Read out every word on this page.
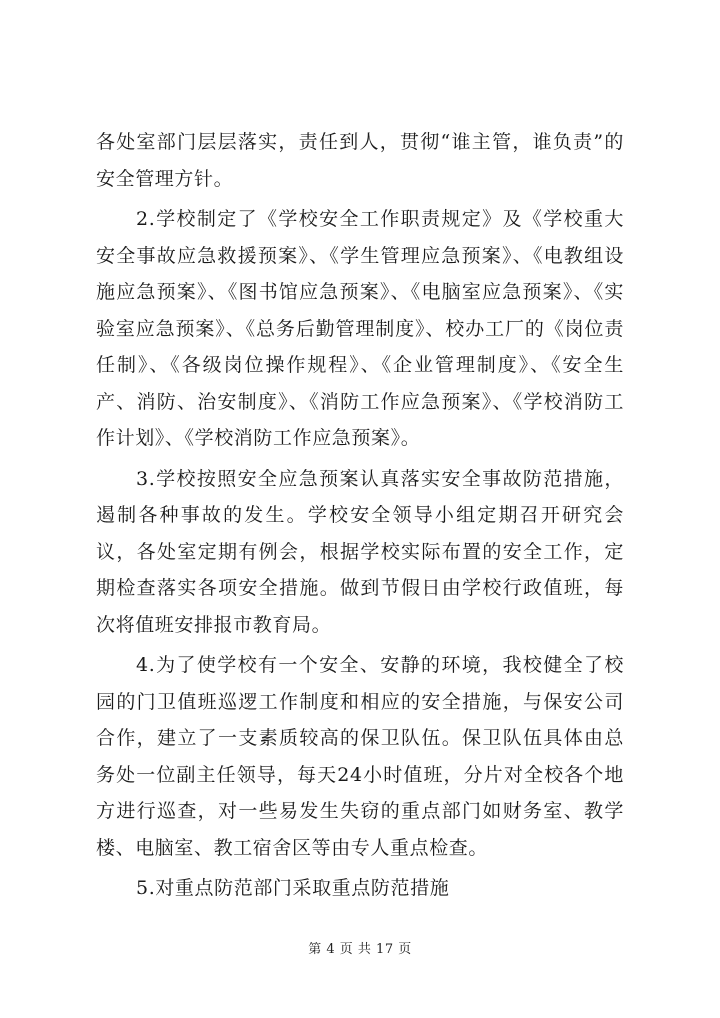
各处室部门层层落实，责任到人，贯彻“谁主管，谁负责”的安全管理方针。

2.学校制定了《学校安全工作职责规定》及《学校重大安全事故应急救援预案》、《学生管理应急预案》、《电教组设施应急预案》、《图书馆应急预案》、《电脑室应急预案》、《实验室应急预案》、《总务后勤管理制度》、校办工厂的《岗位责任制》、《各级岗位操作规程》、《企业管理制度》、《安全生产、消防、治安制度》、《消防工作应急预案》、《学校消防工作计划》、《学校消防工作应急预案》。

3.学校按照安全应急预案认真落实安全事故防范措施，遏制各种事故的发生。学校安全领导小组定期召开研究会议，各处室定期有例会，根据学校实际布置的安全工作，定期检查落实各项安全措施。做到节假日由学校行政值班，每次将值班安排报市教育局。

4.为了使学校有一个安全、安静的环境，我校健全了校园的门卫值班巡逻工作制度和相应的安全措施，与保安公司合作，建立了一支素质较高的保卫队伍。保卫队伍具体由总务处一位副主任领导，每天24小时值班，分片对全校各个地方进行巡查，对一些易发生失窃的重点部门如财务室、教学楼、电脑室、教工宿舍区等由专人重点检查。

5.对重点防范部门采取重点防范措施

第 4 页 共 17 页
